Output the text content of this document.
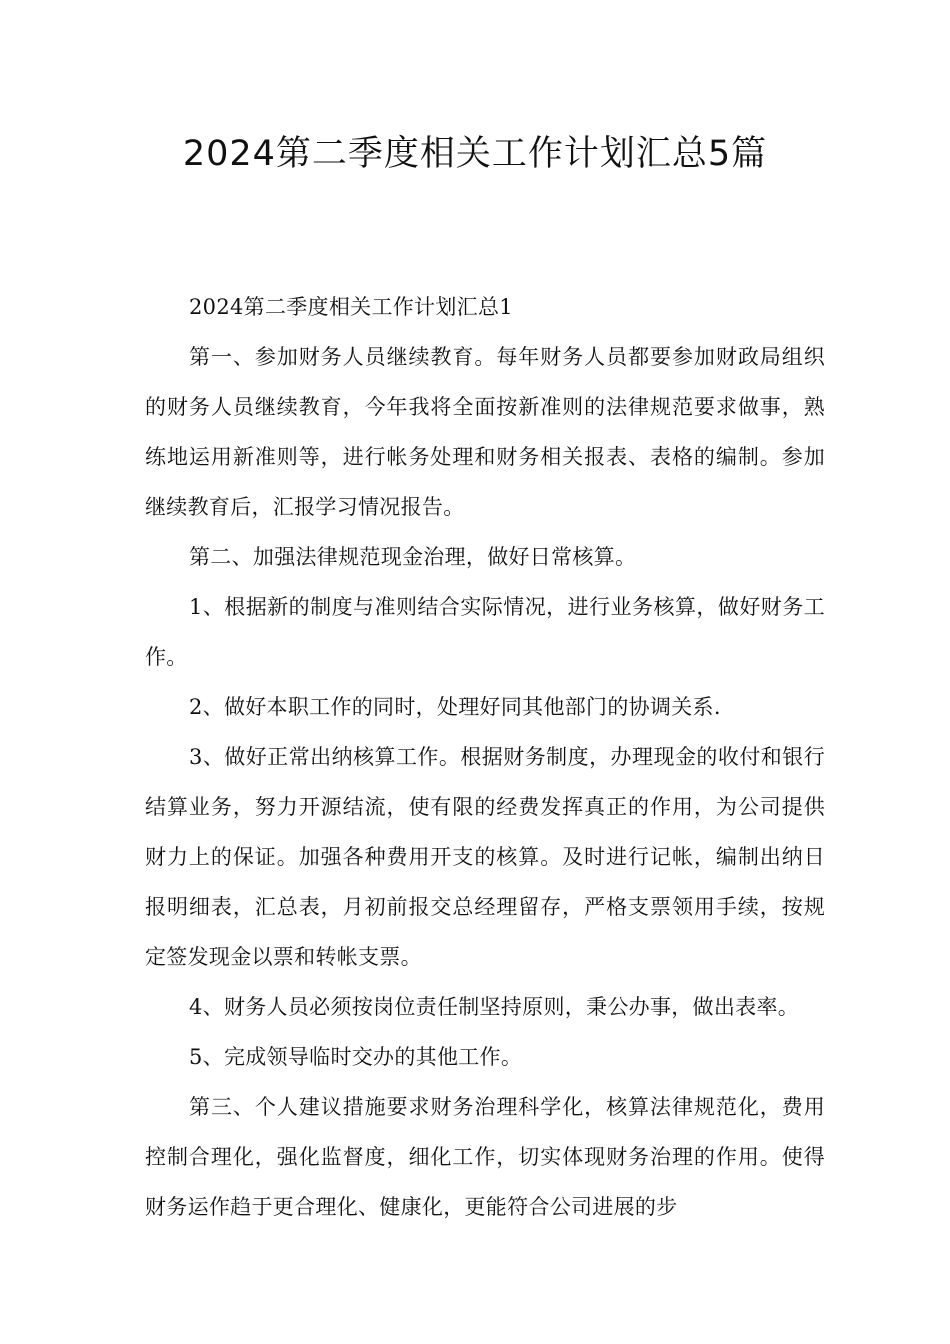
2024第二季度相关工作计划汇总5篇

2024第二季度相关工作计划汇总1

第一、参加财务人员继续教育。每年财务人员都要参加财政局组织的财务人员继续教育，今年我将全面按新准则的法律规范要求做事，熟练地运用新准则等，进行帐务处理和财务相关报表、表格的编制。参加继续教育后，汇报学习情况报告。

第二、加强法律规范现金治理，做好日常核算。

1、根据新的制度与准则结合实际情况，进行业务核算，做好财务工作。

2、做好本职工作的同时，处理好同其他部门的协调关系.

3、做好正常出纳核算工作。根据财务制度，办理现金的收付和银行结算业务，努力开源结流，使有限的经费发挥真正的作用，为公司提供财力上的保证。加强各种费用开支的核算。及时进行记帐，编制出纳日报明细表，汇总表，月初前报交总经理留存，严格支票领用手续，按规定签发现金以票和转帐支票。

4、财务人员必须按岗位责任制坚持原则，秉公办事，做出表率。

5、完成领导临时交办的其他工作。

第三、个人建议措施要求财务治理科学化，核算法律规范化，费用控制合理化，强化监督度，细化工作，切实体现财务治理的作用。使得财务运作趋于更合理化、健康化，更能符合公司进展的步
